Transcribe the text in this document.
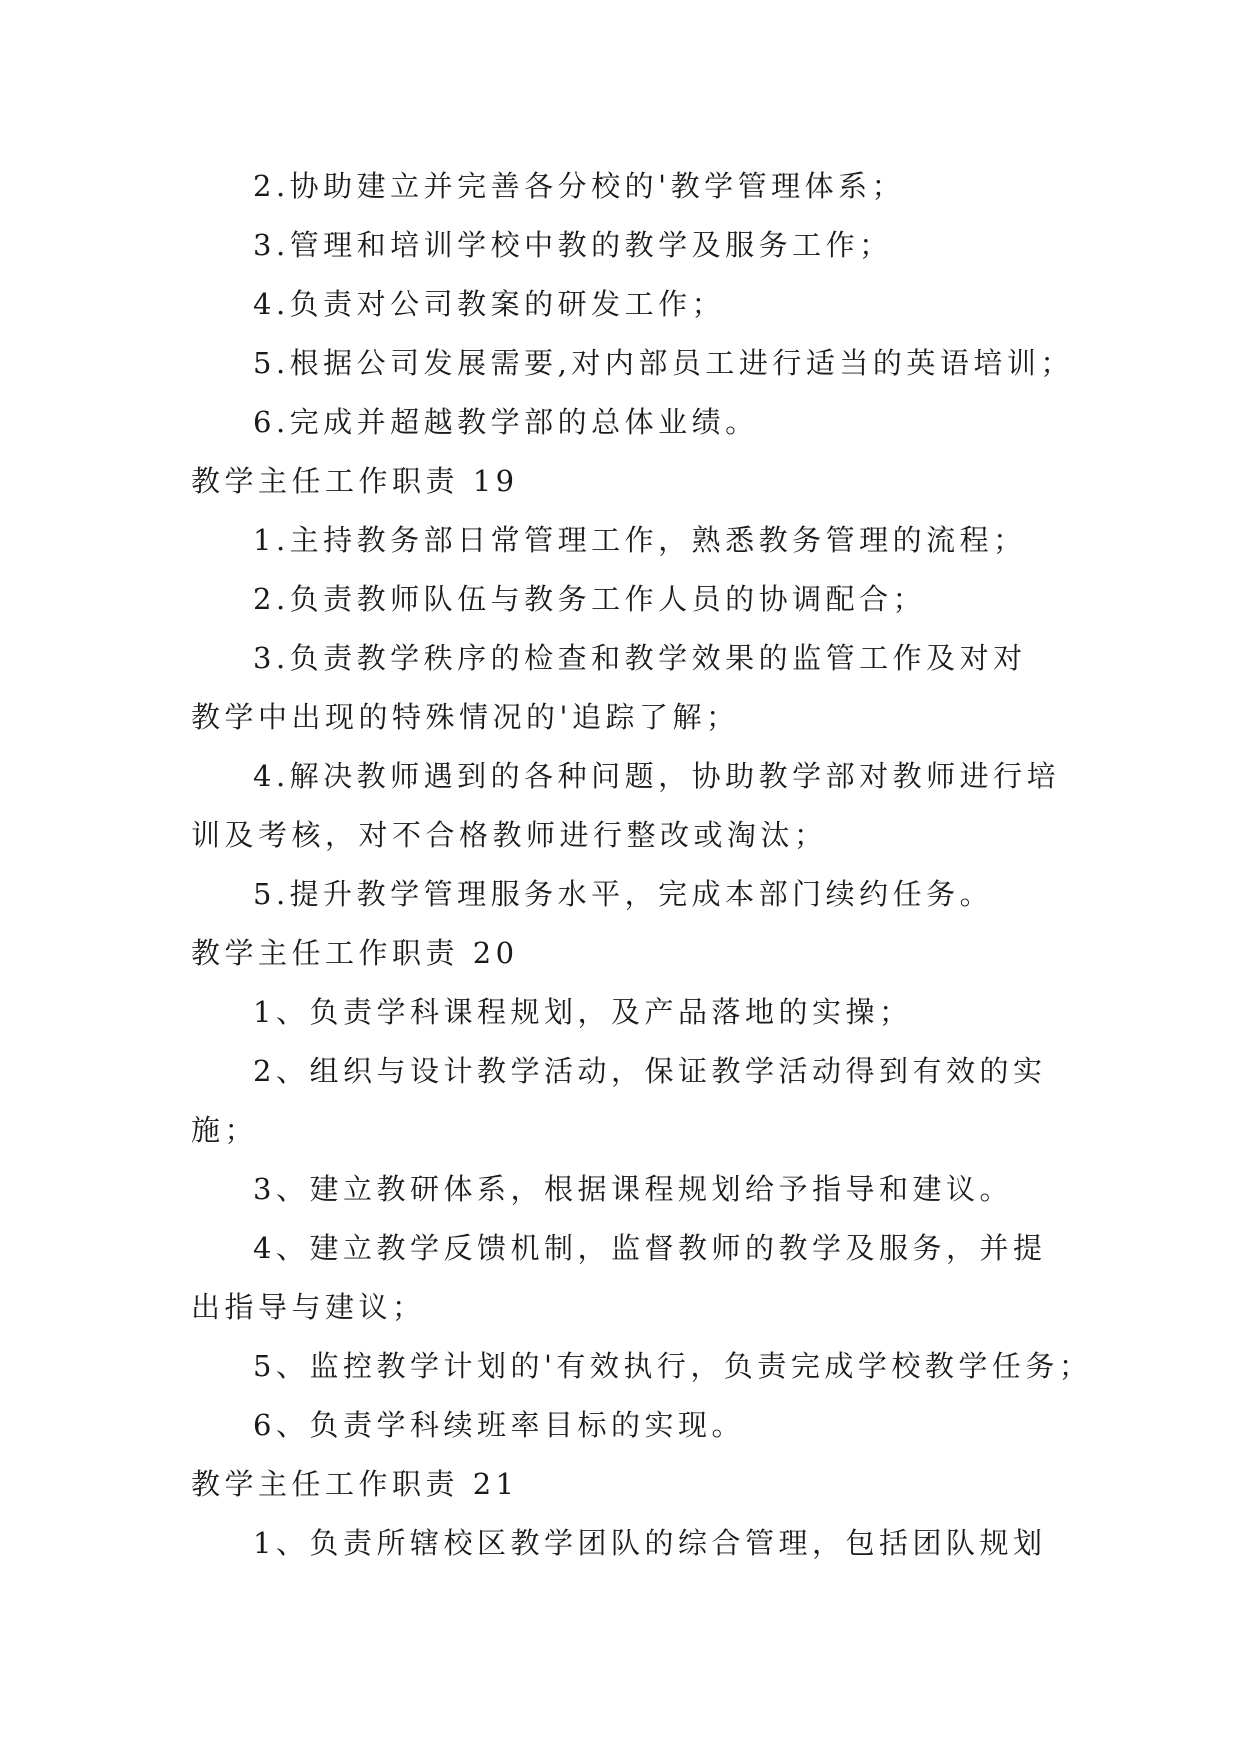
2.协助建立并完善各分校的'教学管理体系；
3.管理和培训学校中教的教学及服务工作；
4.负责对公司教案的研发工作；
5.根据公司发展需要,对内部员工进行适当的英语培训；
6.完成并超越教学部的总体业绩。
教学主任工作职责 19
1.主持教务部日常管理工作，熟悉教务管理的流程；
2.负责教师队伍与教务工作人员的协调配合；
3.负责教学秩序的检查和教学效果的监管工作及对对
教学中出现的特殊情况的'追踪了解；
4.解决教师遇到的各种问题，协助教学部对教师进行培
训及考核，对不合格教师进行整改或淘汰；
5.提升教学管理服务水平，完成本部门续约任务。
教学主任工作职责 20
1、负责学科课程规划，及产品落地的实操；
2、组织与设计教学活动，保证教学活动得到有效的实
施；
3、建立教研体系，根据课程规划给予指导和建议。
4、建立教学反馈机制，监督教师的教学及服务，并提
出指导与建议；
5、监控教学计划的'有效执行，负责完成学校教学任务；
6、负责学科续班率目标的实现。
教学主任工作职责 21
1、负责所辖校区教学团队的综合管理，包括团队规划
